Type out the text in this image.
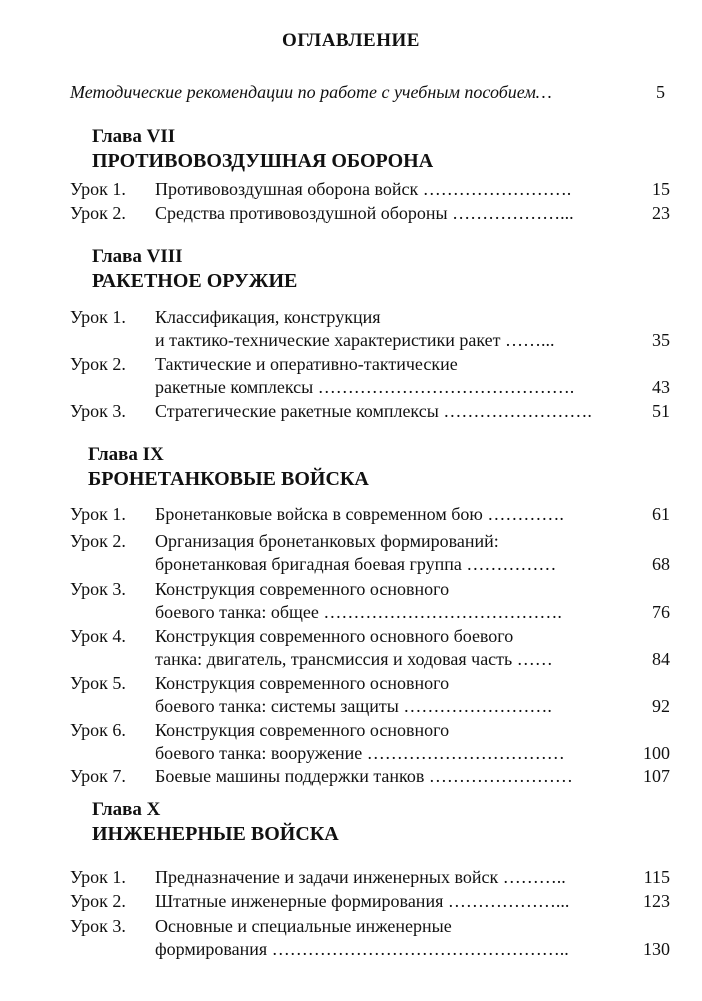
ОГЛАВЛЕНИЕ
Методические рекомендации по работе с учебным пособием…	5
Глава VII
ПРОТИВОВОЗДУШНАЯ ОБОРОНА
Урок 1. Противовоздушная оборона войск …………………….	15
Урок 2. Средства противовоздушной обороны ………………...	23
Глава VIII
РАКЕТНОЕ ОРУЖИЕ
Урок 1. Классификация, конструкция
и тактико-технические характеристики ракет ……...	35
Урок 2. Тактические и оперативно-тактические
ракетные комплексы …………………………………….	43
Урок 3. Стратегические ракетные комплексы …………………….	51
Глава IX
БРОНЕТАНКОВЫЕ ВОЙСКА
Урок 1. Бронетанковые войска в современном бою ………….	61
Урок 2. Организация бронетанковых формирований:
бронетанковая бригадная боевая группа ……………	68
Урок 3. Конструкция современного основного
боевого танка: общее ………………………………….	76
Урок 4. Конструкция современного основного боевого
танка: двигатель, трансмиссия и ходовая часть ……	84
Урок 5. Конструкция современного основного
боевого танка: системы защиты …………………….	92
Урок 6. Конструкция современного основного
боевого танка: вооружение ……………………………	100
Урок 7. Боевые машины поддержки танков ……………………	107
Глава X
ИНЖЕНЕРНЫЕ ВОЙСКА
Урок 1. Предназначение и задачи инженерных войск ………..	115
Урок 2. Штатные инженерные формирования ………………...	123
Урок 3. Основные и специальные инженерные
формирования …………………………………………..	130
